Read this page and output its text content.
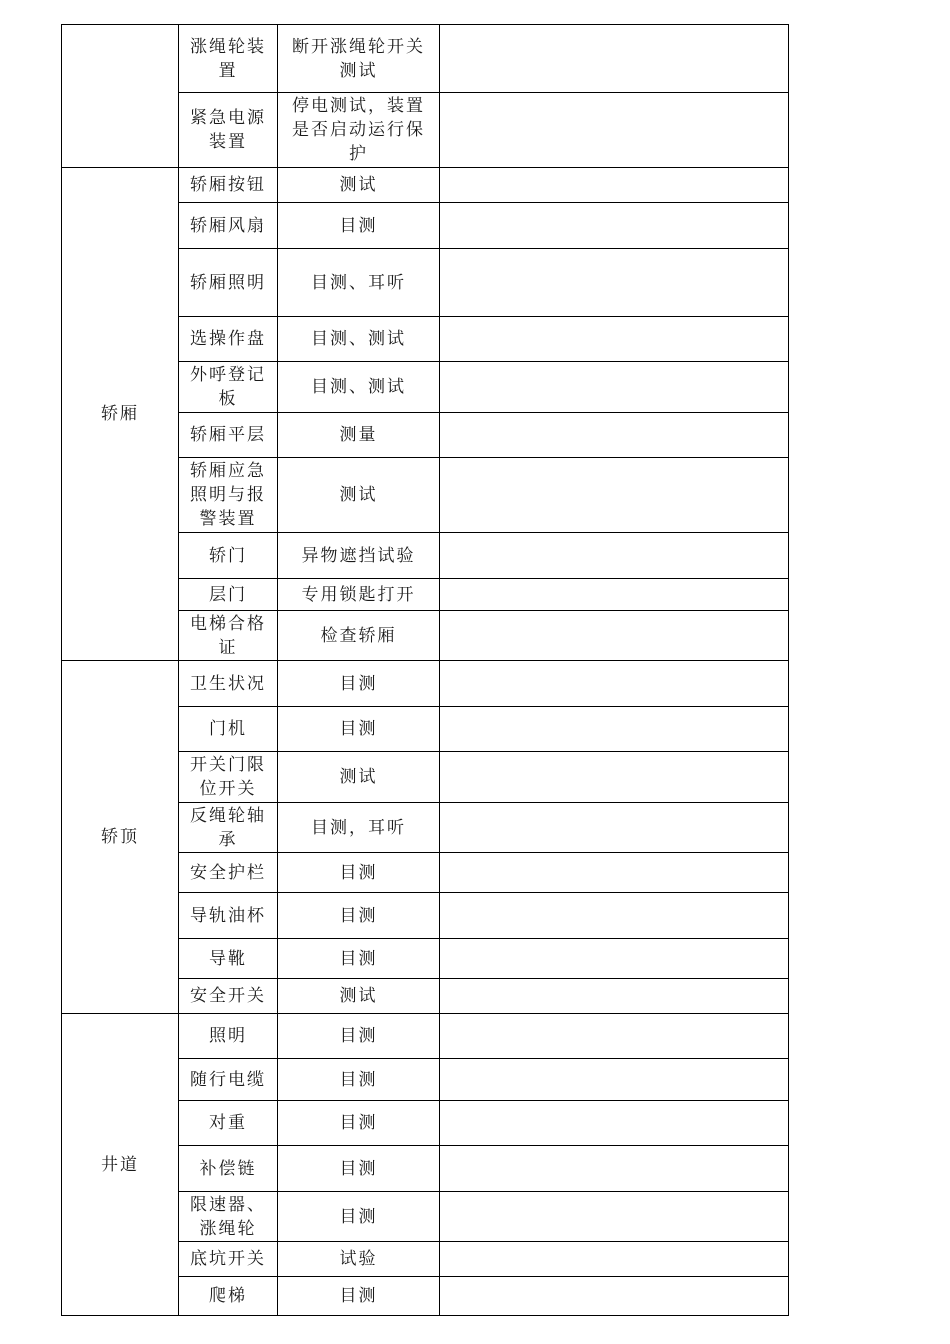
	涨绳轮装置	断开涨绳轮开关测试	
	紧急电源装置	停电测试，装置是否启动运行保护	
轿厢	轿厢按钮	测试	
	轿厢风扇	目测	
	轿厢照明	目测、耳听	
	选操作盘	目测、测试	
	外呼登记板	目测、测试	
	轿厢平层	测量	
	轿厢应急照明与报警装置	测试	
	轿门	异物遮挡试验	
	层门	专用锁匙打开	
	电梯合格证	检查轿厢	
轿顶	卫生状况	目测	
	门机	目测	
	开关门限位开关	测试	
	反绳轮轴承	目测，耳听	
	安全护栏	目测	
	导轨油杯	目测	
	导靴	目测	
	安全开关	测试	
井道	照明	目测	
	随行电缆	目测	
	对重	目测	
	补偿链	目测	
	限速器、涨绳轮	目测	
	底坑开关	试验	
	爬梯	目测	
